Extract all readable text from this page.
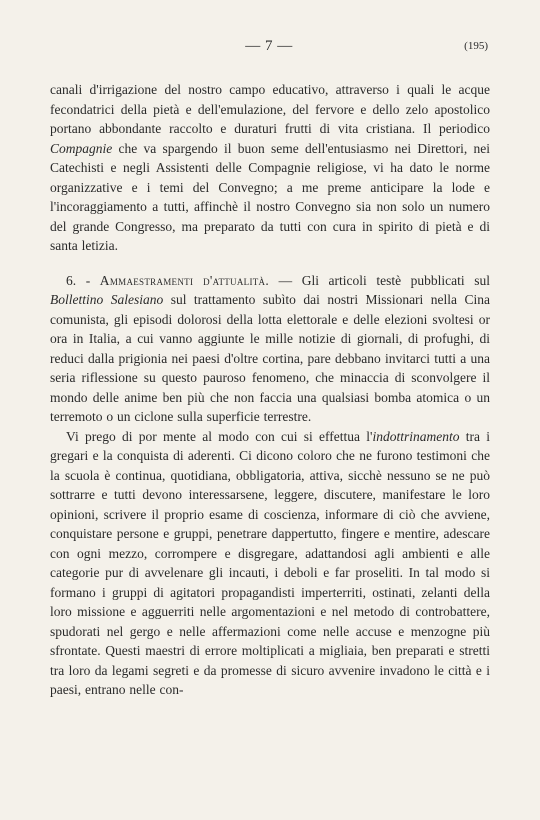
— 7 —	(195)

canali d'irrigazione del nostro campo educativo, attraverso i quali le acque fecondatrici della pietà e dell'emulazione, del fervore e dello zelo apostolico portano abbondante raccolto e duraturi frutti di vita cristiana. Il periodico Compagnie che va spargendo il buon seme dell'entusiasmo nei Direttori, nei Catechisti e negli Assistenti delle Compagnie religiose, vi ha dato le norme organizzative e i temi del Convegno; a me preme anticipare la lode e l'incoraggiamento a tutti, affinchè il nostro Convegno sia non solo un numero del grande Congresso, ma preparato da tutti con cura in spirito di pietà e di santa letizia.

6. - Ammaestramenti d'attualità. — Gli articoli testè pubblicati sul Bollettino Salesiano sul trattamento subìto dai nostri Missionari nella Cina comunista, gli episodi dolorosi della lotta elettorale e delle elezioni svoltesi or ora in Italia, a cui vanno aggiunte le mille notizie di giornali, di profughi, di reduci dalla prigionia nei paesi d'oltre cortina, pare debbano invitarci tutti a una seria riflessione su questo pauroso fenomeno, che minaccia di sconvolgere il mondo delle anime ben più che non faccia una qualsiasi bomba atomica o un terremoto o un ciclone sulla superficie terrestre.

Vi prego di por mente al modo con cui si effettua l'indottrinamento tra i gregari e la conquista di aderenti. Ci dicono coloro che ne furono testimoni che la scuola è continua, quotidiana, obbligatoria, attiva, sicchè nessuno se ne può sottrarre e tutti devono interessarsene, leggere, discutere, manifestare le loro opinioni, scrivere il proprio esame di coscienza, informare di ciò che avviene, conquistare persone e gruppi, penetrare dappertutto, fingere e mentire, adescare con ogni mezzo, corrompere e disgregare, adattandosi agli ambienti e alle categorie pur di avvelenare gli incauti, i deboli e far proseliti. In tal modo si formano i gruppi di agitatori propagandisti imperterriti, ostinati, zelanti della loro missione e agguerriti nelle argomentazioni e nel metodo di controbattere, spudorati nel gergo e nelle affermazioni come nelle accuse e menzogne più sfrontate. Questi maestri di errore moltiplicati a migliaia, ben preparati e stretti tra loro da legami segreti e da promesse di sicuro avvenire invadono le città e i paesi, entrano nelle con-
